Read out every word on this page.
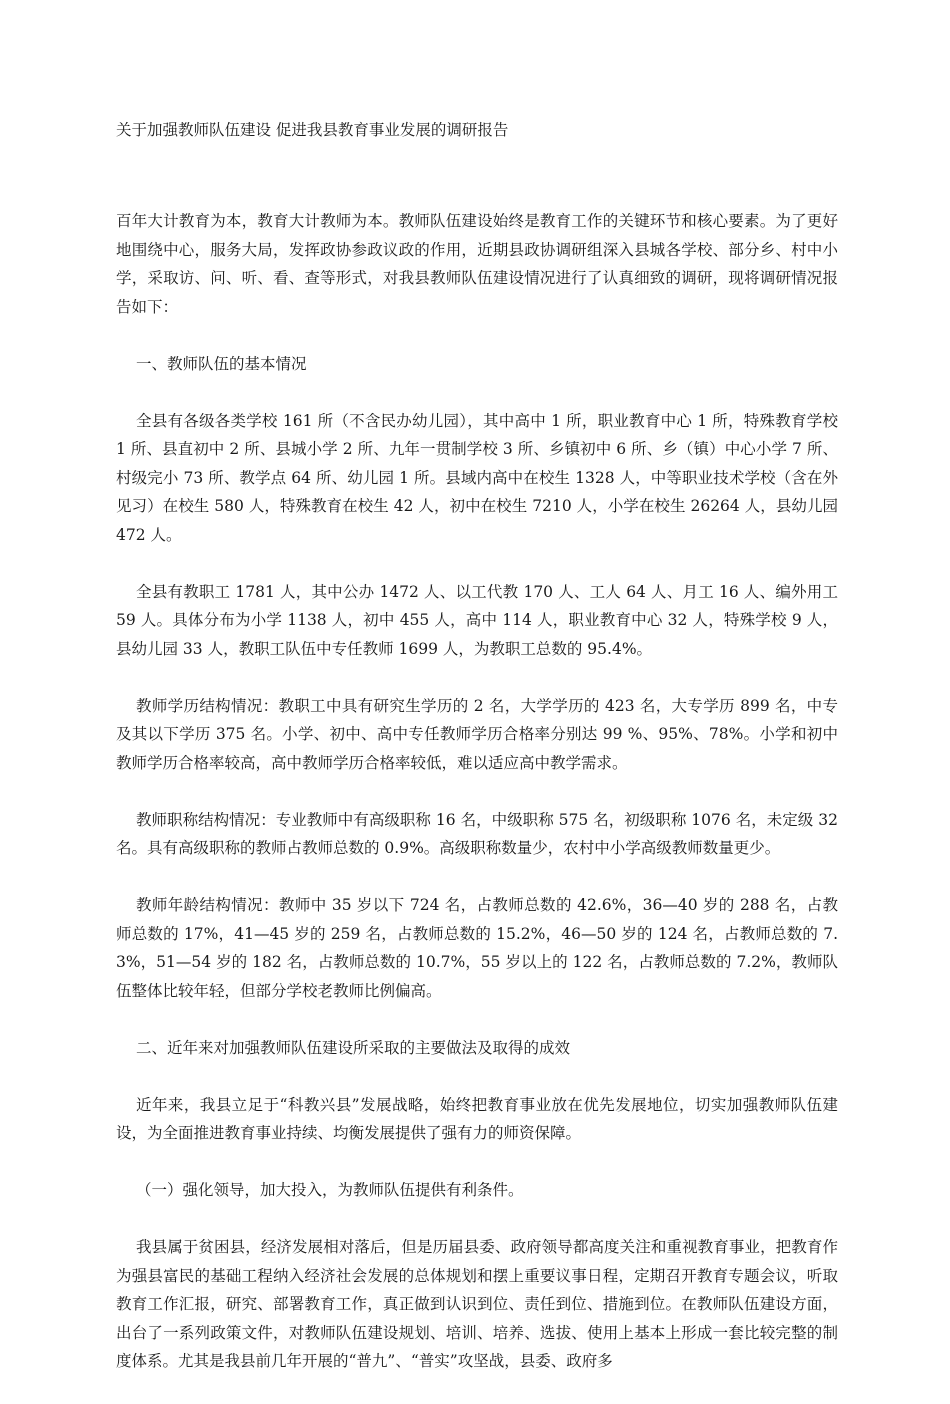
关于加强教师队伍建设 促进我县教育事业发展的调研报告

百年大计教育为本，教育大计教师为本。教师队伍建设始终是教育工作的关键环节和核心要素。为了更好地围绕中心，服务大局，发挥政协参政议政的作用，近期县政协调研组深入县城各学校、部分乡、村中小学，采取访、问、听、看、查等形式，对我县教师队伍建设情况进行了认真细致的调研，现将调研情况报告如下：

一、教师队伍的基本情况

全县有各级各类学校 161 所（不含民办幼儿园），其中高中 1 所，职业教育中心 1 所，特殊教育学校 1 所、县直初中 2 所、县城小学 2 所、九年一贯制学校 3 所、乡镇初中 6 所、乡（镇）中心小学 7 所、村级完小 73 所、教学点 64 所、幼儿园 1 所。县域内高中在校生 1328 人，中等职业技术学校（含在外见习）在校生 580 人，特殊教育在校生 42 人，初中在校生 7210 人，小学在校生 26264 人，县幼儿园 472 人。

全县有教职工 1781 人，其中公办 1472 人、以工代教 170 人、工人 64 人、月工 16 人、编外用工 59 人。具体分布为小学 1138 人，初中 455 人，高中 114 人，职业教育中心 32 人，特殊学校 9 人，县幼儿园 33 人，教职工队伍中专任教师 1699 人，为教职工总数的 95.4%。

教师学历结构情况：教职工中具有研究生学历的 2 名，大学学历的 423 名，大专学历 899 名，中专及其以下学历 375 名。小学、初中、高中专任教师学历合格率分别达 99 %、95%、78%。小学和初中教师学历合格率较高，高中教师学历合格率较低，难以适应高中教学需求。

教师职称结构情况：专业教师中有高级职称 16 名，中级职称 575 名，初级职称 1076 名，未定级 32 名。具有高级职称的教师占教师总数的 0.9%。高级职称数量少，农村中小学高级教师数量更少。

教师年龄结构情况：教师中 35 岁以下 724 名，占教师总数的 42.6%，36—40 岁的 288 名，占教师总数的 17%，41—45 岁的 259 名，占教师总数的 15.2%，46—50 岁的 124 名，占教师总数的 7.3%，51—54 岁的 182 名，占教师总数的 10.7%，55 岁以上的 122 名，占教师总数的 7.2%，教师队伍整体比较年轻，但部分学校老教师比例偏高。

二、近年来对加强教师队伍建设所采取的主要做法及取得的成效

近年来，我县立足于“科教兴县”发展战略，始终把教育事业放在优先发展地位，切实加强教师队伍建设，为全面推进教育事业持续、均衡发展提供了强有力的师资保障。

（一）强化领导，加大投入，为教师队伍提供有利条件。

我县属于贫困县，经济发展相对落后，但是历届县委、政府领导都高度关注和重视教育事业，把教育作为强县富民的基础工程纳入经济社会发展的总体规划和摆上重要议事日程，定期召开教育专题会议，听取教育工作汇报，研究、部署教育工作，真正做到认识到位、责任到位、措施到位。在教师队伍建设方面，出台了一系列政策文件，对教师队伍建设规划、培训、培养、选拔、使用上基本上形成一套比较完整的制度体系。尤其是我县前几年开展的“普九”、“普实”攻坚战，县委、政府多
